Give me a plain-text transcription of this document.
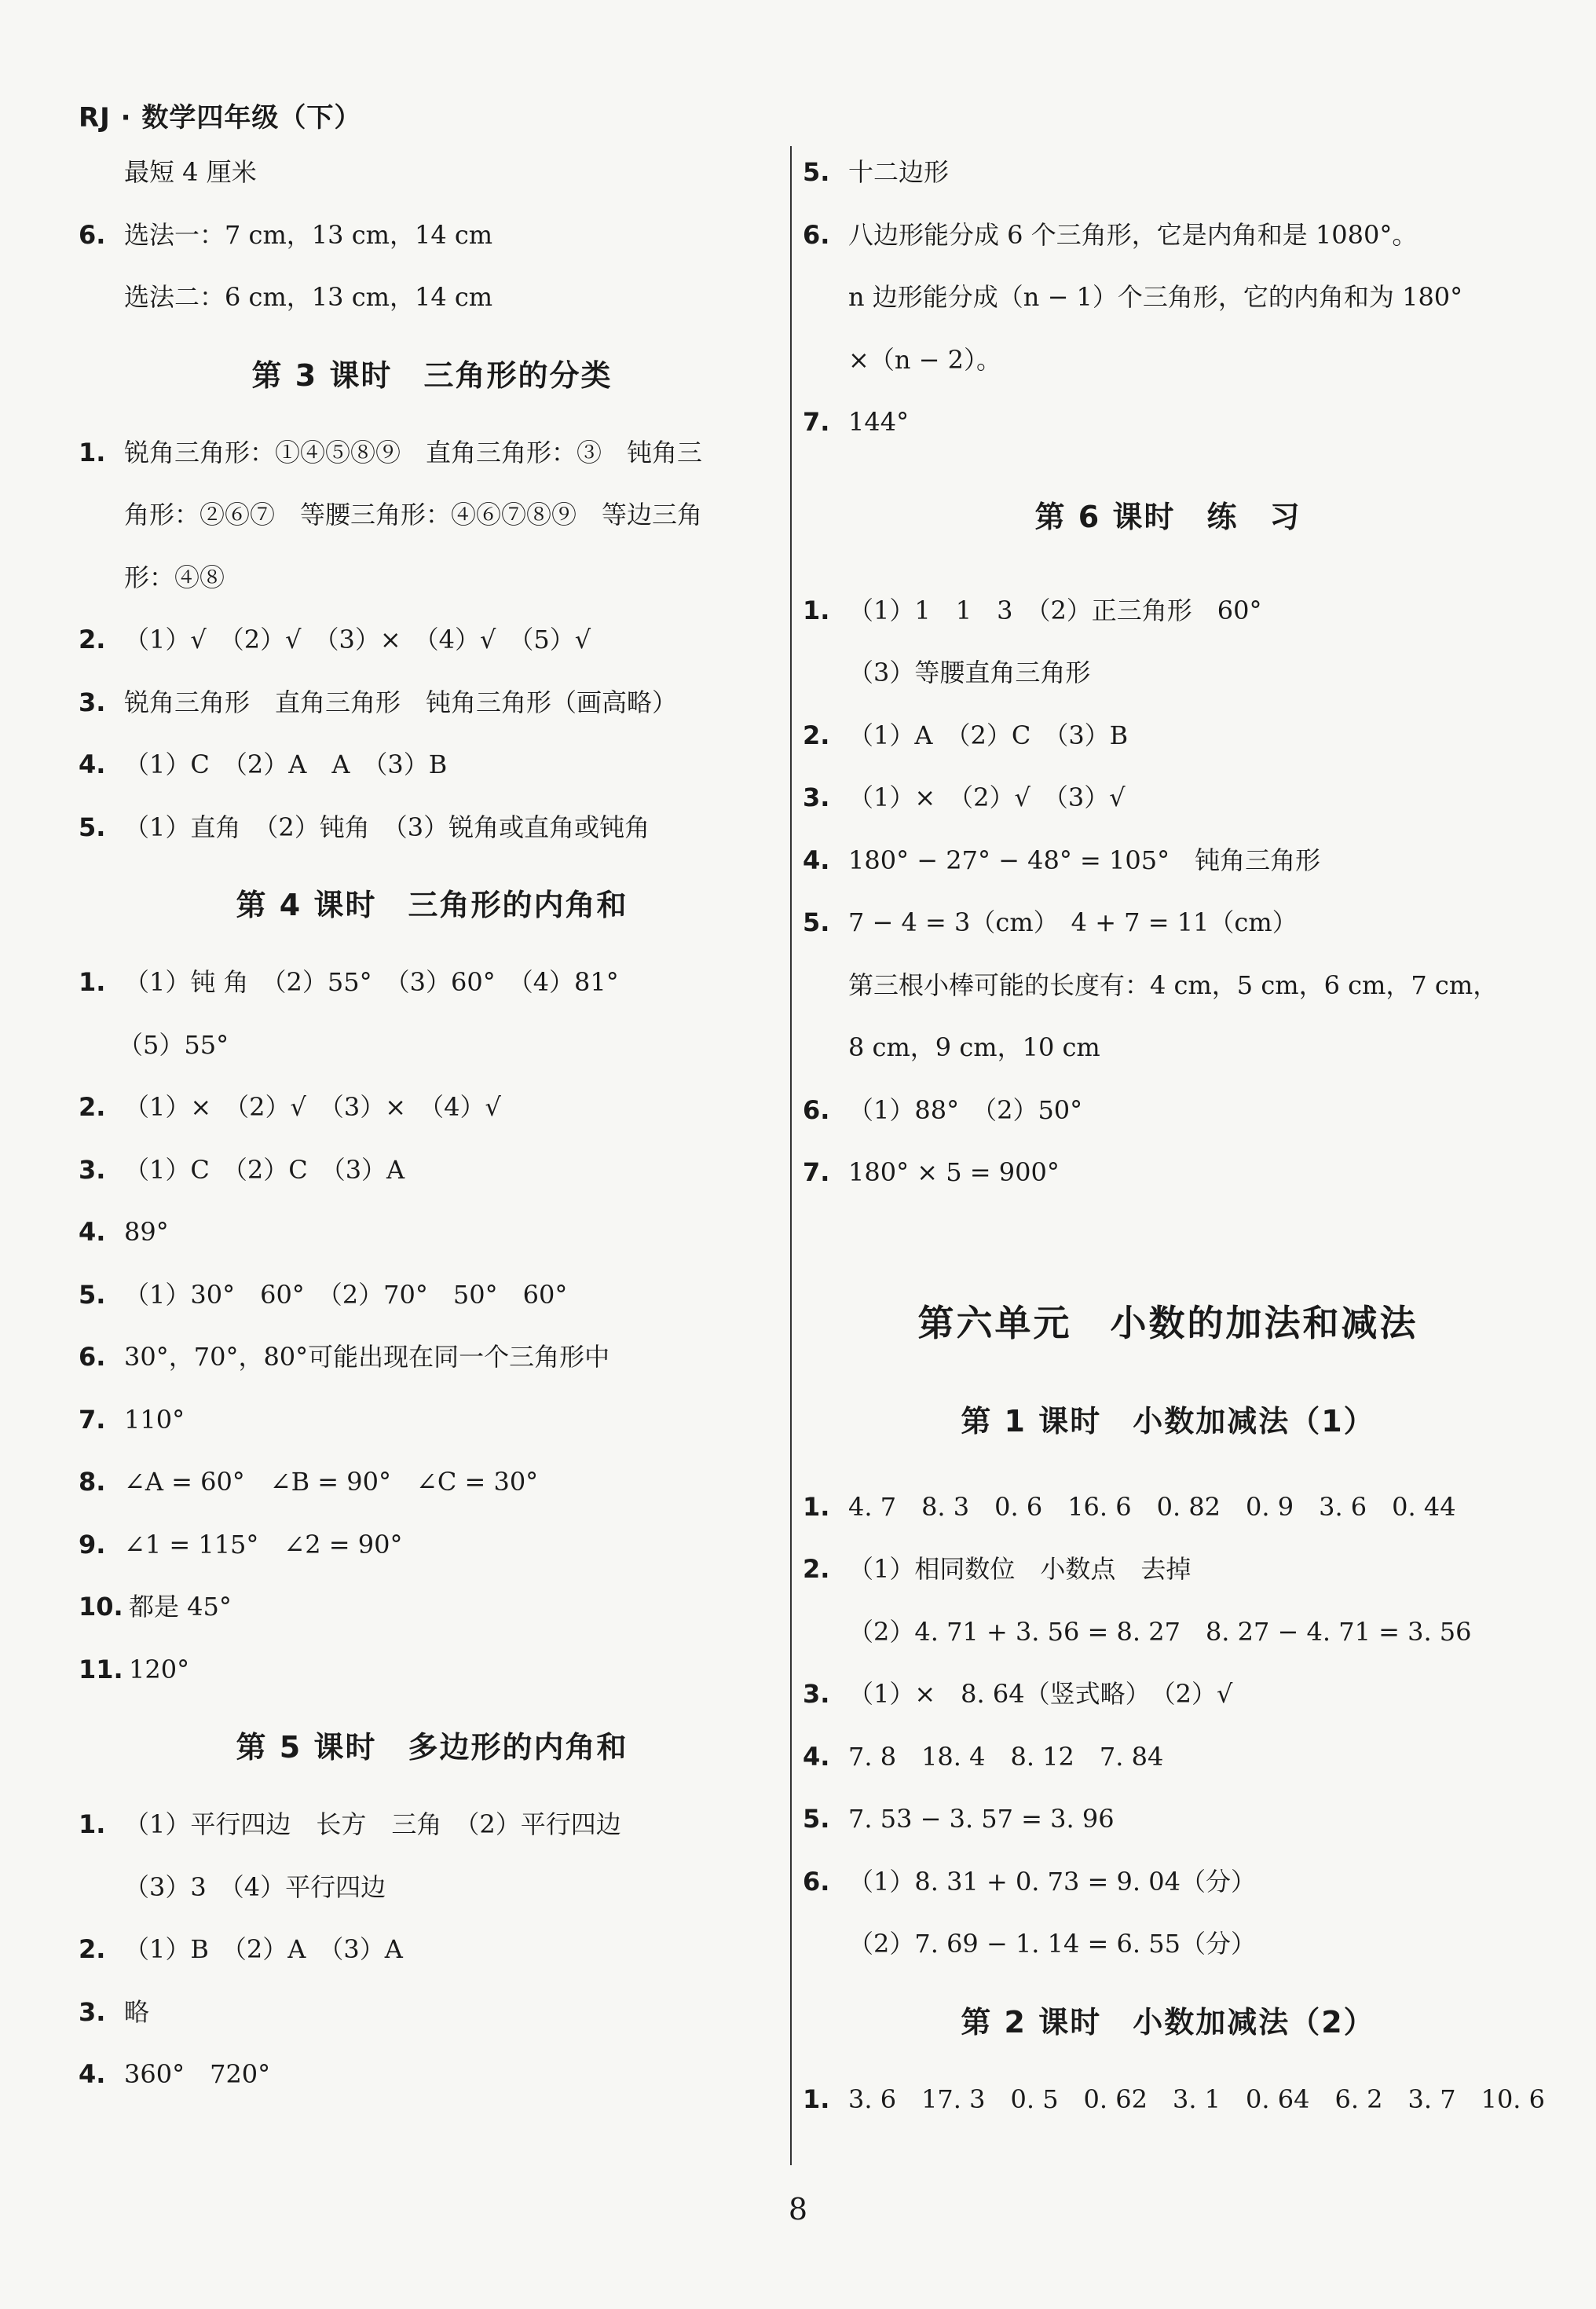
RJ · 数学四年级（下）
最短 4 厘米
6. 选法一：7 cm，13 cm，14 cm
选法二：6 cm，13 cm，14 cm
第 3 课时　三角形的分类
1. 锐角三角形：①④⑤⑧⑨　直角三角形：③　钝角三
角形：②⑥⑦　等腰三角形：④⑥⑦⑧⑨　等边三角
形：④⑧
2. （1）√　（2）√　（3）×　（4）√　（5）√
3. 锐角三角形　直角三角形　钝角三角形（画高略）
4. （1）C　（2）A　A　（3）B
5. （1）直角　（2）钝角　（3）锐角或直角或钝角
第 4 课时　三角形的内角和
1. （1）钝 角　（2）55°　（3）60°　（4）81°
（5）55°
2. （1）×　（2）√　（3）×　（4）√
3. （1）C　（2）C　（3）A
4. 89°
5. （1）30°　60°　（2）70°　50°　60°
6. 30°，70°，80°可能出现在同一个三角形中
7. 110°
8. ∠A = 60°　∠B = 90°　∠C = 30°
9. ∠1 = 115°　∠2 = 90°
10. 都是 45°
11. 120°
第 5 课时　多边形的内角和
1. （1）平行四边　长方　三角　（2）平行四边
（3）3　（4）平行四边
2. （1）B　（2）A　（3）A
3. 略
4. 360°　720°
5. 十二边形
6. 八边形能分成 6 个三角形，它是内角和是 1080°。
n 边形能分成（n − 1）个三角形，它的内角和为 180°
×（n − 2）。
7. 144°
第 6 课时　练　习
1. （1）1　1　3　（2）正三角形　60°
（3）等腰直角三角形
2. （1）A　（2）C　（3）B
3. （1）×　（2）√　（3）√
4. 180° − 27° − 48° = 105°　钝角三角形
5. 7 − 4 = 3（cm）　4 + 7 = 11（cm）
第三根小棒可能的长度有：4 cm，5 cm，6 cm，7 cm，
8 cm，9 cm，10 cm
6. （1）88°　（2）50°
7. 180° × 5 = 900°
第六单元　小数的加法和减法
第 1 课时　小数加减法（1）
1. 4. 7　8. 3　0. 6　16. 6　0. 82　0. 9　3. 6　0. 44
2. （1）相同数位　小数点　去掉
（2）4. 71 + 3. 56 = 8. 27　8. 27 − 4. 71 = 3. 56
3. （1）×　8. 64（竖式略）　（2）√
4. 7. 8　18. 4　8. 12　7. 84
5. 7. 53 − 3. 57 = 3. 96
6. （1）8. 31 + 0. 73 = 9. 04（分）
（2）7. 69 − 1. 14 = 6. 55（分）
第 2 课时　小数加减法（2）
1. 3. 6　17. 3　0. 5　0. 62　3. 1　0. 64　6. 2　3. 7　10. 6
8
